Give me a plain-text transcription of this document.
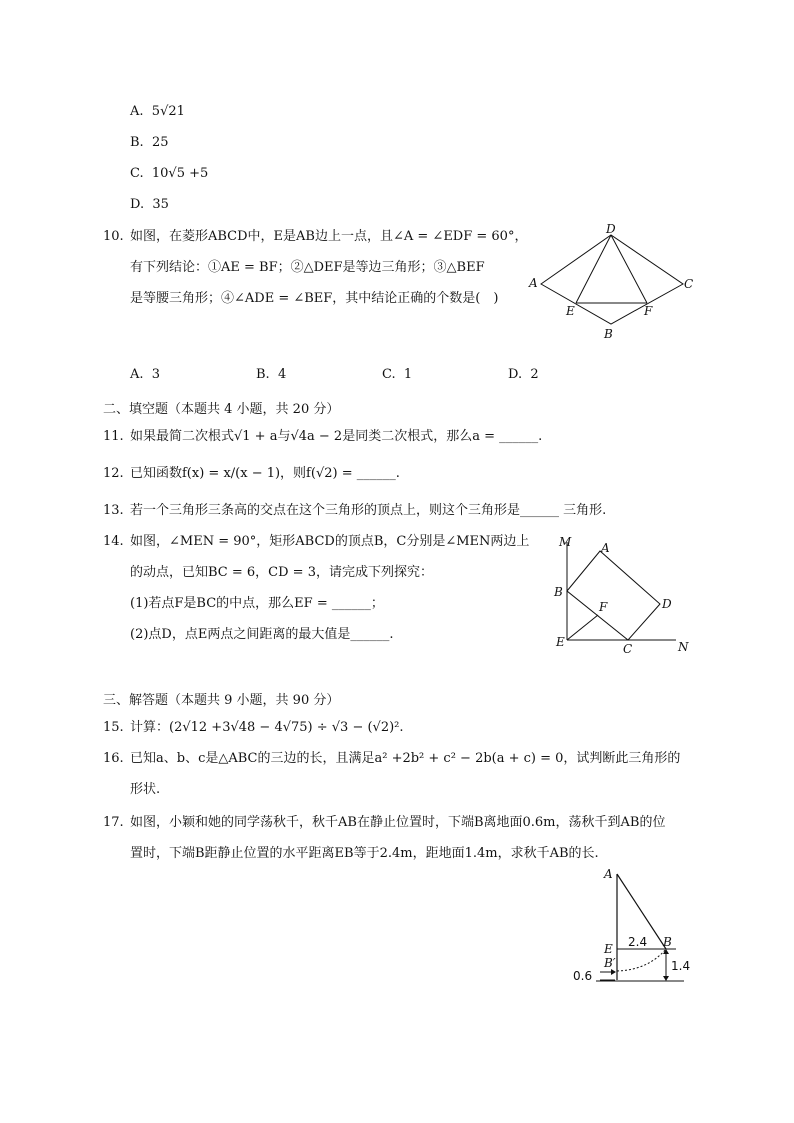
A. 5√21
B. 25
C. 10√5 +5
D. 35
10. 如图，在菱形ABCD中，E是AB边上一点，且∠A = ∠EDF = 60°，
有下列结论：①AE = BF；②△DEF是等边三角形；③△BEF
是等腰三角形；④∠ADE = ∠BEF，其中结论正确的个数是(　)
D
A	C
E	F
B
A. 3	B. 4	C. 1	D. 2
二、填空题（本题共 4 小题，共 20 分）
11. 如果最简二次根式√1 + a与√4a − 2是同类二次根式，那么a = ______.
12. 已知函数f(x) = x/(x − 1)，则f(√2) = ______.
13. 若一个三角形三条高的交点在这个三角形的顶点上，则这个三角形是______ 三角形.
14. 如图，∠MEN = 90°，矩形ABCD的顶点B，C分别是∠MEN两边上
的动点，已知BC = 6，CD = 3，请完成下列探究：
(1)若点F是BC的中点，那么EF = ______；
(2)点D，点E两点之间距离的最大值是______.
M A
B
F	D
E	C	N
三、解答题（本题共 9 小题，共 90 分）
15. 计算：(2√12 +3√48 − 4√75) ÷ √3 − (√2)².
16. 已知a、b、c是△ABC的三边的长，且满足a² +2b² + c² − 2b(a + c) = 0，试判断此三角形的
形状.
17. 如图，小颖和她的同学荡秋千，秋千AB在静止位置时，下端B离地面0.6m，荡秋千到AB的位
置时，下端B距静止位置的水平距离EB等于2.4m，距地面1.4m，求秋千AB的长.
A
E
B′
B
2.4
1.4
0.6
